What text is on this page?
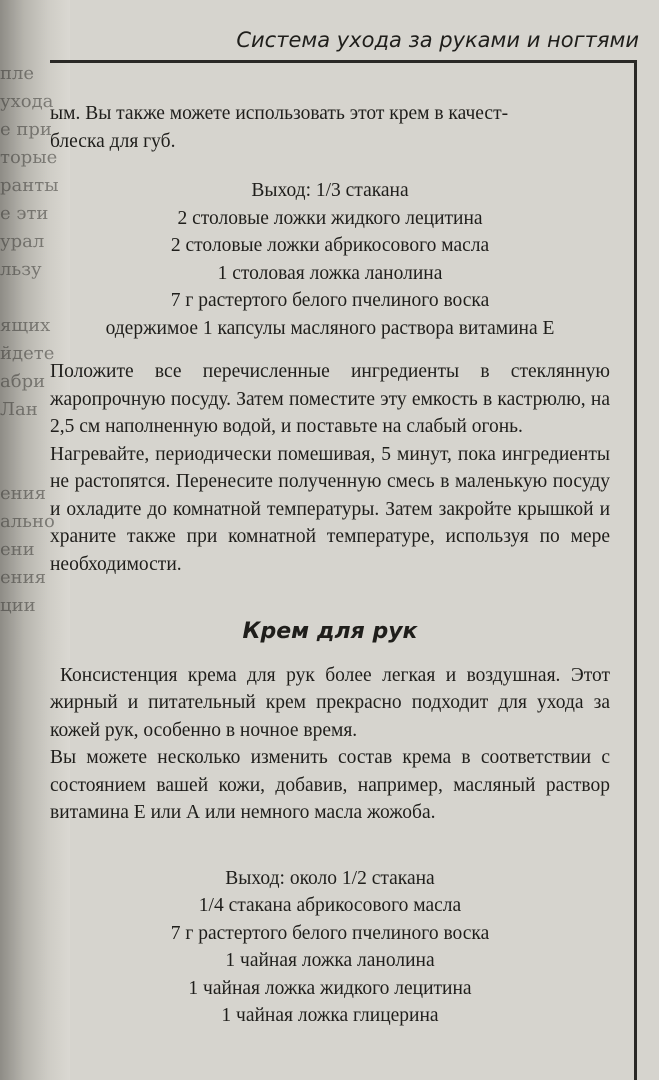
пле
ухода
е при
торые
ранты
е эти
урал
льзу

ящих
йдете
абри
Лан

ения
ально
ени
ения
ции
Система ухода за руками и ногтями

ым. Вы также можете использовать этот крем в качест-

блеска для губ.

Выход: 1/3 стакана
2 столовые ложки жидкого лецитина
2 столовые ложки абрикосового масла
1 столовая ложка ланолина
7 г растертого белого пчелиного воска
одержимое 1 капсулы масляного раствора витамина Е

Положите все перечисленные ингредиенты в стеклянную жаропрочную посуду. Затем поместите эту емкость в кастрюлю, на 2,5 см наполненную водой, и поставьте на слабый огонь.

Нагревайте, периодически помешивая, 5 минут, пока ингредиенты не растопятся. Перенесите полученную смесь в маленькую посуду и охладите до комнатной температуры. Затем закройте крышкой и храните также при комнатной температуре, используя по мере необходимости.

Крем для рук

Консистенция крема для рук более легкая и воздушная. Этот жирный и питательный крем прекрасно подходит для ухода за кожей рук, особенно в ночное время.

Вы можете несколько изменить состав крема в соответствии с состоянием вашей кожи, добавив, например, масляный раствор витамина Е или А или немного масла жожоба.

Выход: около 1/2 стакана
1/4 стакана абрикосового масла
7 г растертого белого пчелиного воска
1 чайная ложка ланолина
1 чайная ложка жидкого лецитина
1 чайная ложка глицерина
